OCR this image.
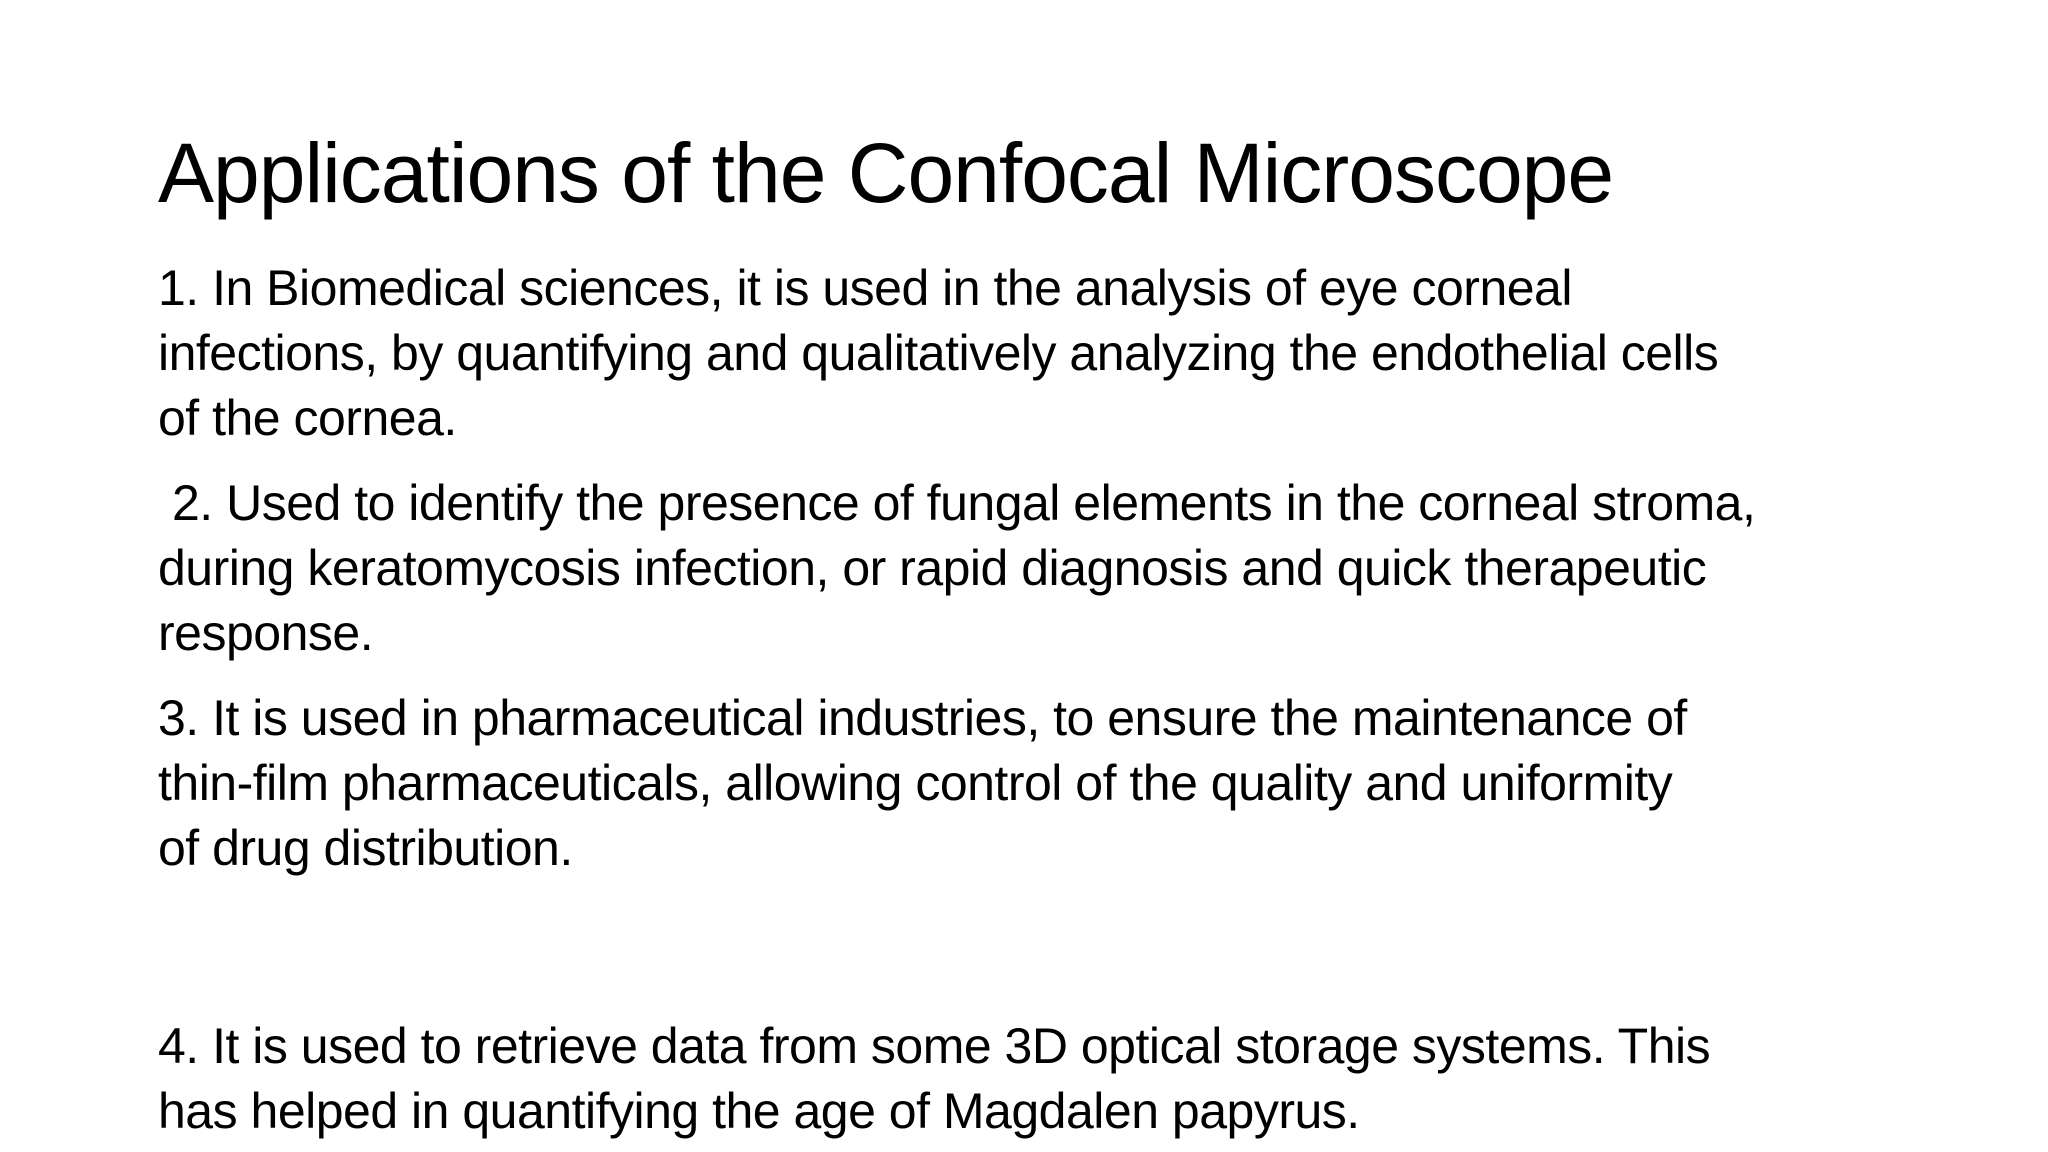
Applications of the Confocal Microscope

1. In Biomedical sciences, it is used in the analysis of eye corneal
infections, by quantifying and qualitatively analyzing the endothelial cells
of the cornea.

2. Used to identify the presence of fungal elements in the corneal stroma,

during keratomycosis infection, or rapid diagnosis and quick therapeutic
response.

3. It is used in pharmaceutical industries, to ensure the maintenance of
thin-film pharmaceuticals, allowing control of the quality and uniformity
of drug distribution.

4. It is used to retrieve data from some 3D optical storage systems. This
has helped in quantifying the age of Magdalen papyrus.
